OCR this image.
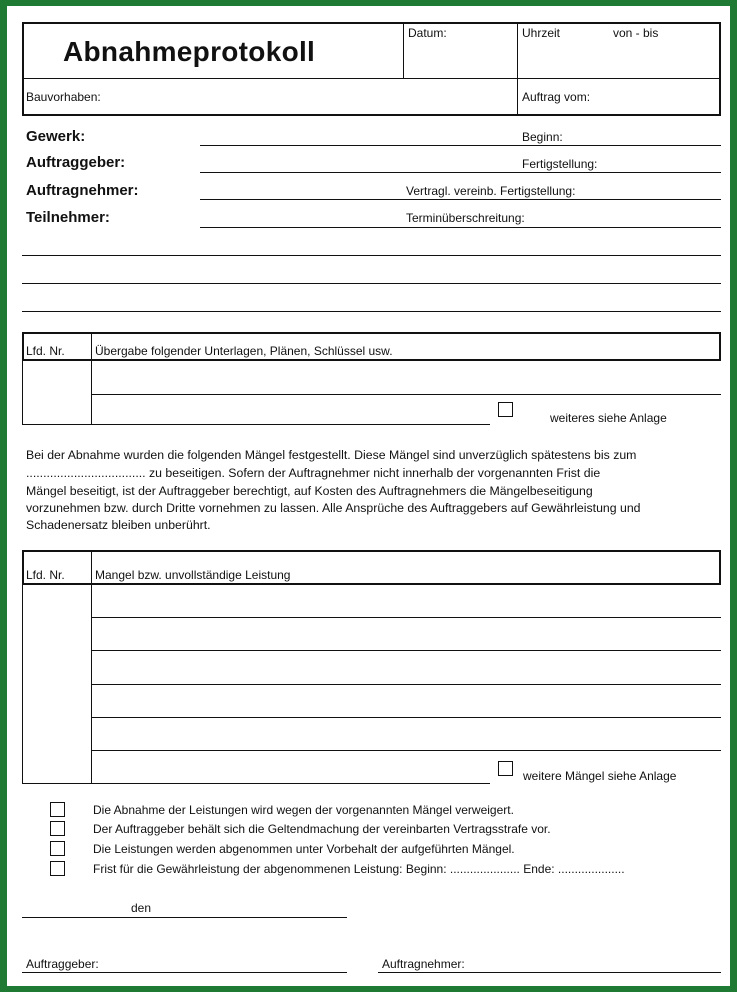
Abnahmeprotokoll
Datum:	Uhrzeit	von - bis
Bauvorhaben:	Auftrag vom:
Gewerk:
Auftraggeber:
Auftragnehmer:
Teilnehmer:
Beginn:
Fertigstellung:
Vertragl. vereinb. Fertigstellung:
Terminüberschreitung:
Lfd. Nr.	Übergabe folgender Unterlagen, Plänen, Schlüssel usw.
weiteres siehe Anlage
Bei der Abnahme wurden die folgenden Mängel festgestellt. Diese Mängel sind unverzüglich spätestens bis zum
................................... zu beseitigen. Sofern der Auftragnehmer nicht innerhalb der vorgenannten Frist die
Mängel beseitigt, ist der Auftraggeber berechtigt, auf Kosten des Auftragnehmers die Mängelbeseitigung
vorzunehmen bzw. durch Dritte vornehmen zu lassen. Alle Ansprüche des Auftraggebers auf Gewährleistung und
Schadenersatz bleiben unberührt.
Lfd. Nr.	Mangel bzw. unvollständige Leistung
weitere Mängel siehe Anlage
Die Abnahme der Leistungen wird wegen der vorgenannten Mängel verweigert.
Der Auftraggeber behält sich die Geltendmachung der vereinbarten Vertragsstrafe vor.
Die Leistungen werden abgenommen unter Vorbehalt der aufgeführten Mängel.
Frist für die Gewährleistung der abgenommenen Leistung: Beginn: ..................... Ende: ....................
den
Auftraggeber:	Auftragnehmer:
